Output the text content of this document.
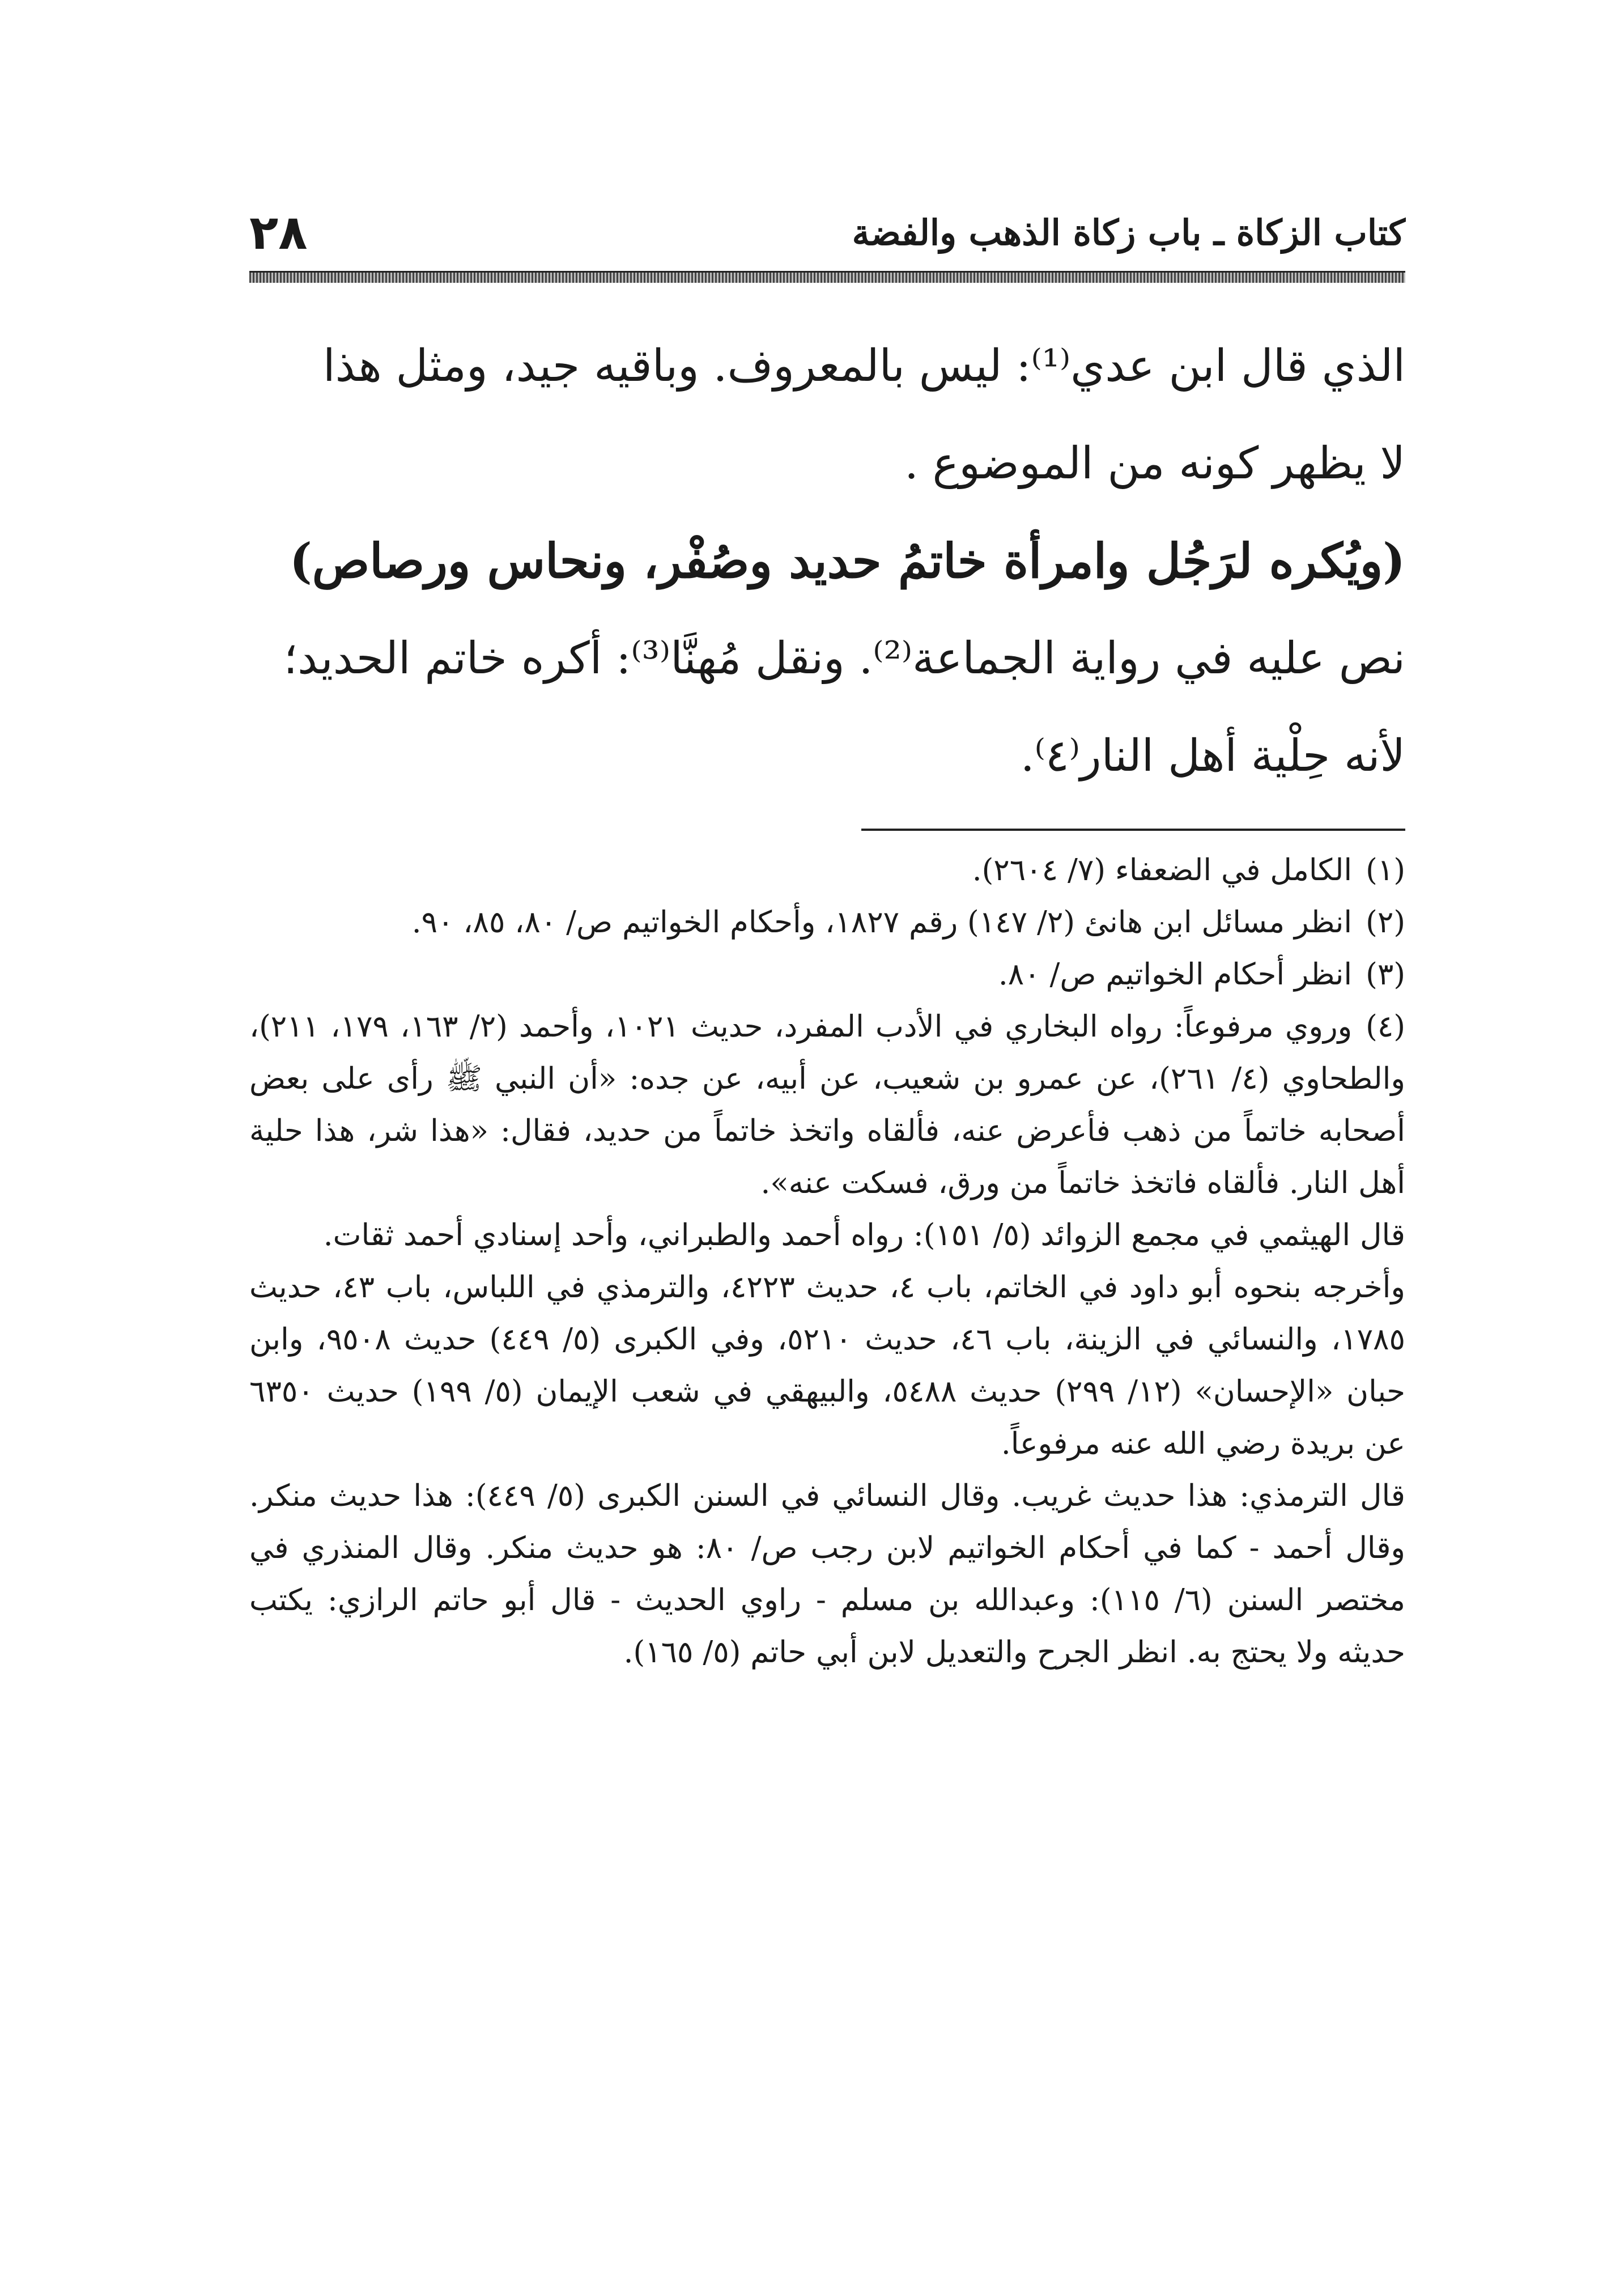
٢٨	كتاب الزكاة ـ باب زكاة الذهب والفضة

الذي قال ابن عدي⁽¹⁾: ليس بالمعروف. وباقيه جيد، ومثل هذا

لا يظهر كونه من الموضوع .

(ويُكره لرَجُل وامرأة خاتمُ حديد وصُفْر، ونحاس ورصاص)

نص عليه في رواية الجماعة⁽²⁾. ونقل مُهنَّا⁽³⁾: أكره خاتم الحديد؛

لأنه حِلْية أهل النار⁽٤⁾.

(١)الكامل في الضعفاء (٧/ ٢٦٠٤).

(٢)انظر مسائل ابن هانئ (٢/ ١٤٧) رقم ١٨٢٧، وأحكام الخواتيم ص/ ٨٠، ٨٥، ٩٠.

(٣)انظر أحكام الخواتيم ص/ ٨٠.

(٤)وروي مرفوعاً: رواه البخاري في الأدب المفرد، حديث ١٠٢١، وأحمد (٢/ ١٦٣، ١٧٩، ٢١١)، والطحاوي (٤/ ٢٦١)، عن عمرو بن شعيب، عن أبيه، عن جده: «أن النبي ﷺ رأى على بعض أصحابه خاتماً من ذهب فأعرض عنه، فألقاه واتخذ خاتماً من حديد، فقال: «هذا شر، هذا حلية أهل النار. فألقاه فاتخذ خاتماً من ورق، فسكت عنه».

قال الهيثمي في مجمع الزوائد (٥/ ١٥١): رواه أحمد والطبراني، وأحد إسنادي أحمد ثقات.

وأخرجه بنحوه أبو داود في الخاتم، باب ٤، حديث ٤٢٢٣، والترمذي في اللباس، باب ٤٣، حديث ١٧٨٥، والنسائي في الزينة، باب ٤٦، حديث ٥٢١٠، وفي الكبرى (٥/ ٤٤٩) حديث ٩٥٠٨، وابن حبان «الإحسان» (١٢/ ٢٩٩) حديث ٥٤٨٨، والبيهقي في شعب الإيمان (٥/ ١٩٩) حديث ٦٣٥٠ عن بريدة رضي الله عنه مرفوعاً.

قال الترمذي: هذا حديث غريب. وقال النسائي في السنن الكبرى (٥/ ٤٤٩): هذا حديث منكر. وقال أحمد - كما في أحكام الخواتيم لابن رجب ص/ ٨٠: هو حديث منكر. وقال المنذري في مختصر السنن (٦/ ١١٥): وعبدالله بن مسلم - راوي الحديث - قال أبو حاتم الرازي: يكتب حديثه ولا يحتج به. انظر الجرح والتعديل لابن أبي حاتم (٥/ ١٦٥).
